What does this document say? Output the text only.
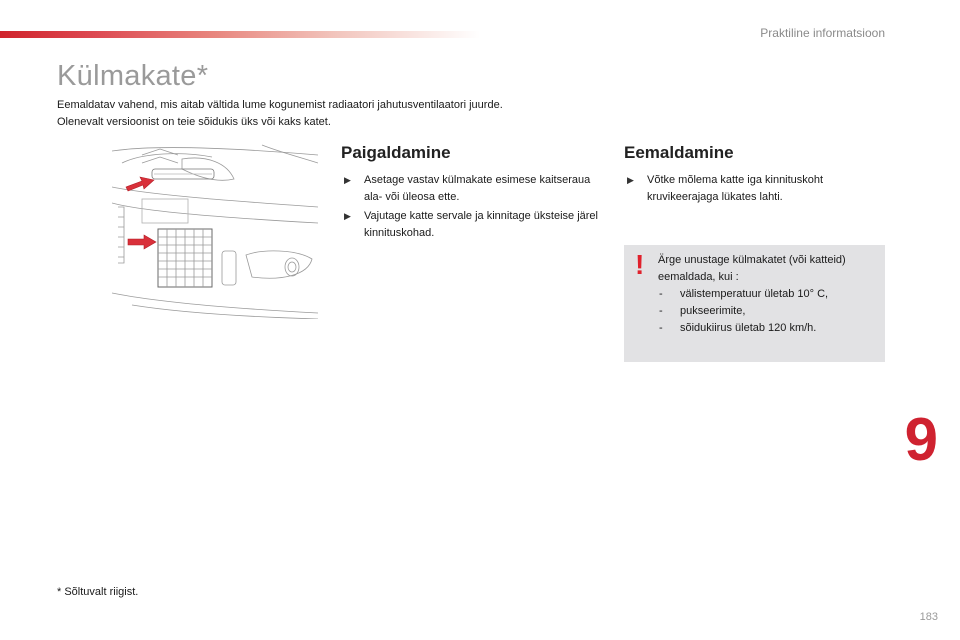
Praktiline informatsioon
Külmakate*

Eemaldatav vahend, mis aitab vältida lume kogunemist radiaatori jahutusventilaatori juurde.

Olenevalt versioonist on teie sõidukis üks või kaks katet.

Paigaldamine
▶ Asetage vastav külmakate esimese kaitseraua ala- või üleosa ette.
▶ Vajutage katte servale ja kinnitage üksteise järel kinnituskohad.
Eemaldamine
▶ Võtke mõlema katte iga kinnituskoht kruvikeerajaga lükates lahti.
! Ärge unustage külmakatet (või katteid)

eemaldada, kui :

- välistemperatuur ületab 10° C,
- pukseerimite,
- sõidukiirus ületab 120 km/h.
9
* Sõltuvalt riigist.
183
